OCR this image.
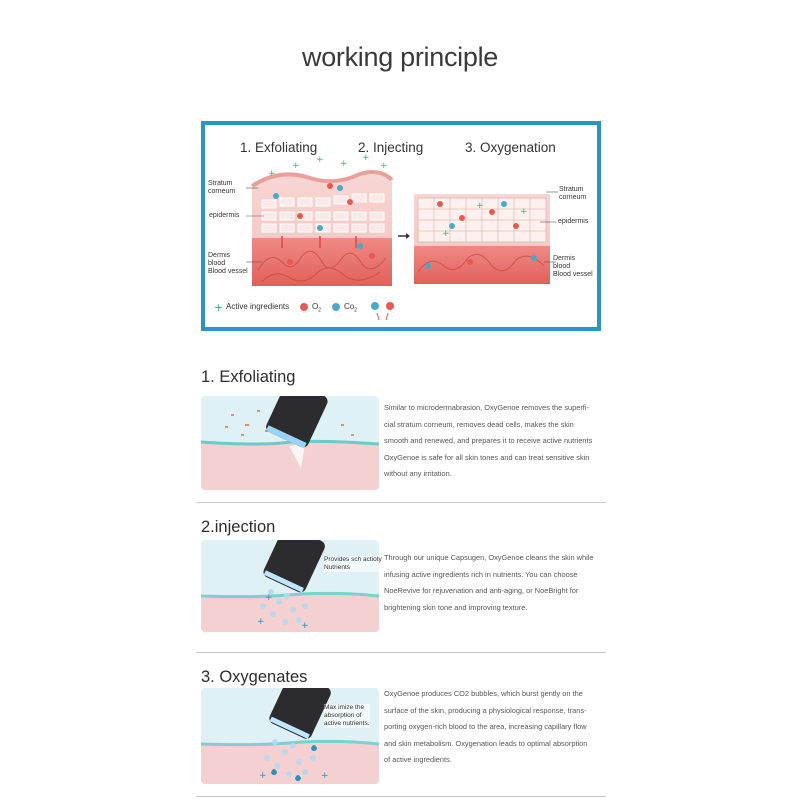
working principle
1. Exfoliating	2. Injecting	3. Oxygenation
+
+
+ +
+
+
+
+
+
+
Stratum
corneum
epidermis
Dermis
blood
Blood vessel
Stratum
corneum
epidermis
Dermis
blood
Blood vessel
Active ingredients	$O_2$	$Co_2$
1. Exfoliating
Similar to microdermabrasion, OxyGenoe removes the superfi-
cial stratum corneum, removes dead cells, makes the skin
smooth and renewed, and prepares it to receive active nutrients
OxyGenoe is safe for all skin tones and can treat sensitive skin
without any irritation.
2.injection
+	+
+
Provides sch actioty
Nutrients
Through our unique Capsugen, OxyGenoe cleans the skin while
infusing active ingredients rich in nutrients. You can choose
NoeRevive for rejuvenation and anti-aging, or NoeBright for
brightening skin tone and improving texture.
3. Oxygenates
+	+
Max imize the
absorption of
active nutrients.
OxyGenoe produces CO2 bubbles, which burst gently on the
surface of the skin, producing a physiological response, trans-
porting oxygen-rich blood to the area, increasing capillary flow
and skin metabolism. Oxygenation leads to optimal absorption
of active ingredients.
